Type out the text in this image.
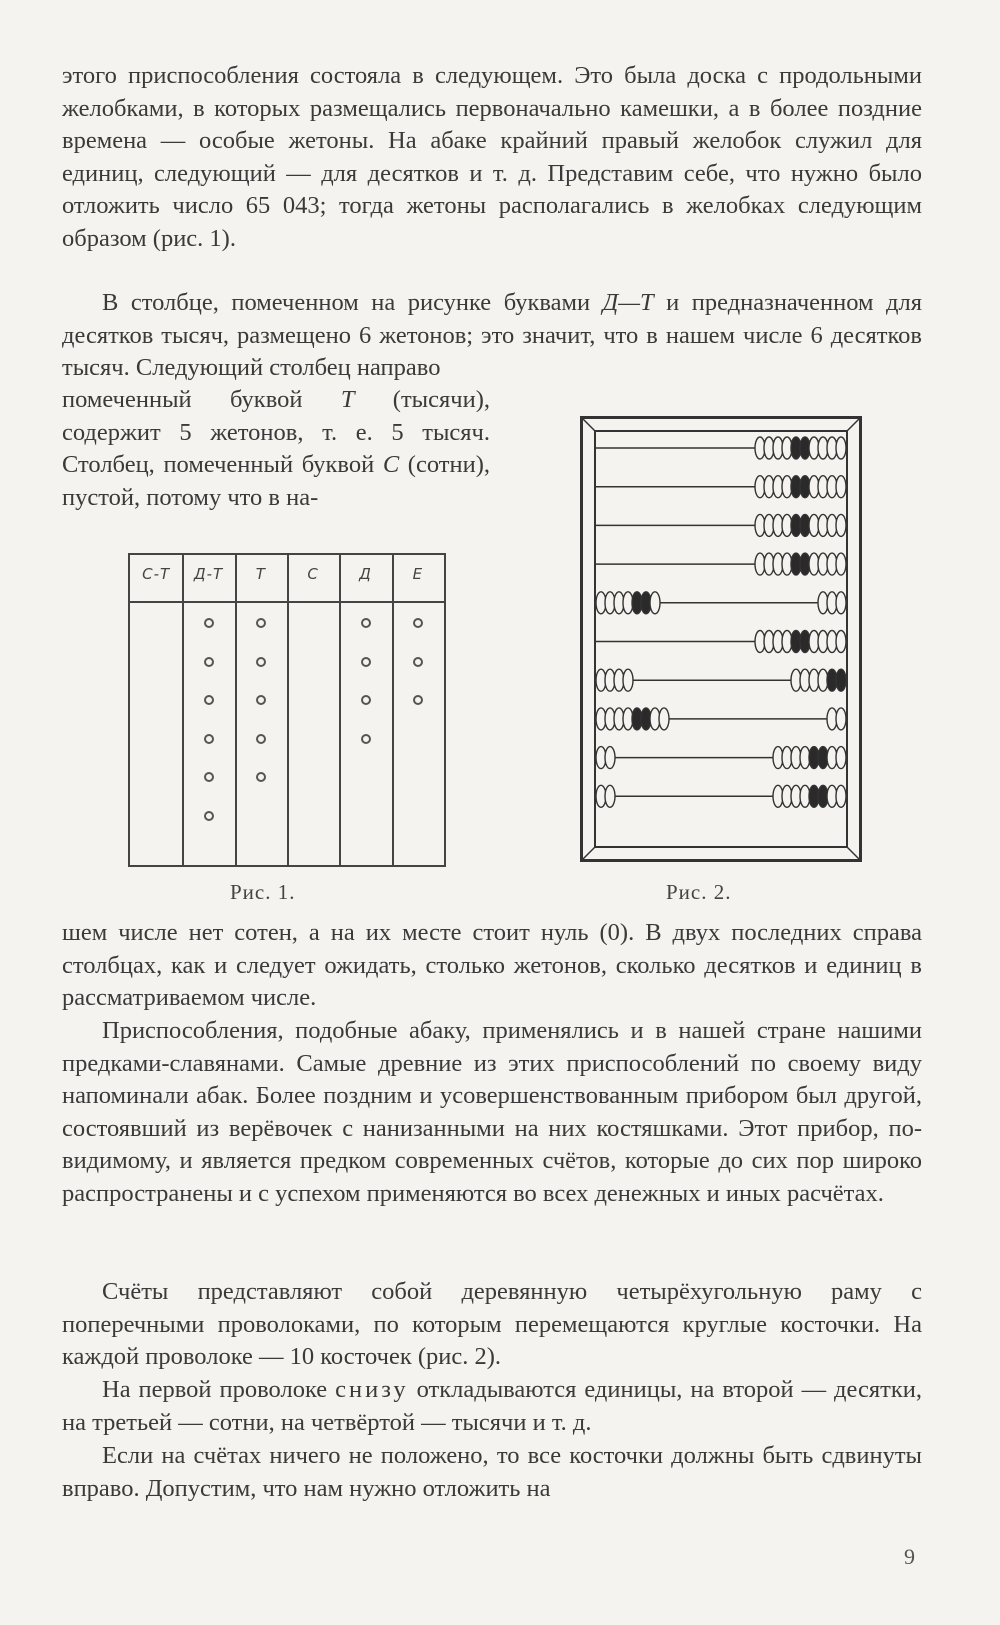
этого приспособления состояла в следующем. Это была доска с продольными желобками, в которых размещались первоначально камешки, а в более поздние времена — особые жетоны. На абаке крайний правый желобок служил для единиц, следующий — для десятков и т. д. Представим себе, что нужно было отложить число 65 043; тогда жетоны располагались в желобках следующим образом (рис. 1).

В столбце, помеченном на рисунке буквами Д—Т и предназначенном для десятков тысяч, размещено 6 жетонов; это значит, что в нашем числе 6 десятков тысяч. Следующий столбец направо

помеченный буквой Т (тысячи), содержит 5 жетонов, т. е. 5 тысяч. Столбец, помеченный буквой С (сотни), пустой, потому что в на-

С-Т	Д-Т	Т	С	Д	Е
Рис. 1.	Рис. 2.

шем числе нет сотен, а на их месте стоит нуль (0). В двух последних справа столбцах, как и следует ожидать, столько жетонов, сколько десятков и единиц в рассматриваемом числе.

Приспособления, подобные абаку, применялись и в нашей стране нашими предками-славянами. Самые древние из этих приспособлений по своему виду напоминали абак. Более поздним и усовершенствованным прибором был другой, состоявший из верёвочек с нанизанными на них костяшками. Этот прибор, по-видимому, и является предком современных счётов, которые до сих пор широко распространены и с успехом применяются во всех денежных и иных расчётах.

Счёты представляют собой деревянную четырёхугольную раму с поперечными проволоками, по которым перемещаются круглые косточки. На каждой проволоке — 10 косточек (рис. 2).

На первой проволоке снизу откладываются единицы, на второй — десятки, на третьей — сотни, на четвёртой — тысячи и т. д.

Если на счётах ничего не положено, то все косточки должны быть сдвинуты вправо. Допустим, что нам нужно отложить на

9
